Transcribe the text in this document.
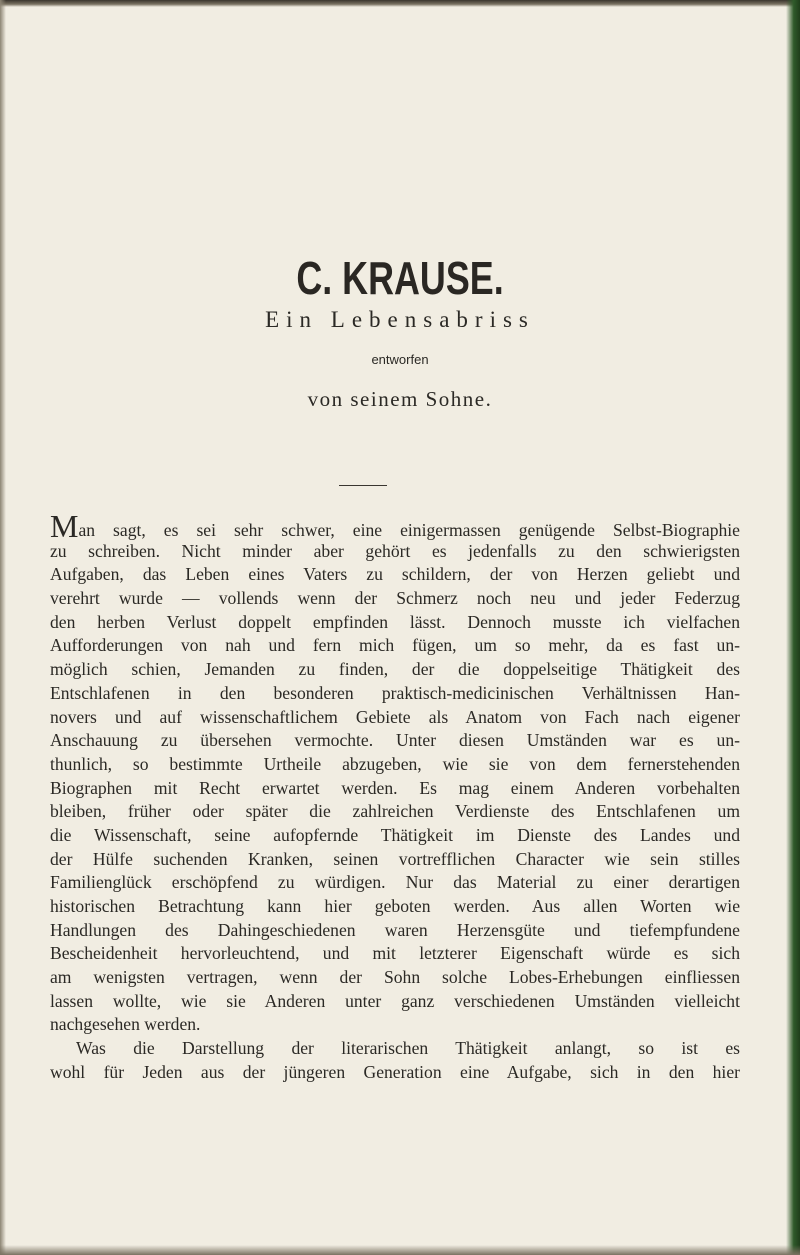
C. KRAUSE.
Ein Lebensabriss
entworfen
von seinem Sohne.
Man sagt, es sei sehr schwer, eine einigermassen genügende Selbst-Biographie
zu schreiben. Nicht minder aber gehört es jedenfalls zu den schwierigsten
Aufgaben, das Leben eines Vaters zu schildern, der von Herzen geliebt und
verehrt wurde — vollends wenn der Schmerz noch neu und jeder Federzug
den herben Verlust doppelt empfinden lässt. Dennoch musste ich vielfachen
Aufforderungen von nah und fern mich fügen, um so mehr, da es fast un-
möglich schien, Jemanden zu finden, der die doppelseitige Thätigkeit des
Entschlafenen in den besonderen praktisch-medicinischen Verhältnissen Han-
novers und auf wissenschaftlichem Gebiete als Anatom von Fach nach eigener
Anschauung zu übersehen vermochte. Unter diesen Umständen war es un-
thunlich, so bestimmte Urtheile abzugeben, wie sie von dem fernerstehenden
Biographen mit Recht erwartet werden. Es mag einem Anderen vorbehalten
bleiben, früher oder später die zahlreichen Verdienste des Entschlafenen um
die Wissenschaft, seine aufopfernde Thätigkeit im Dienste des Landes und
der Hülfe suchenden Kranken, seinen vortrefflichen Character wie sein stilles
Familienglück erschöpfend zu würdigen. Nur das Material zu einer derartigen
historischen Betrachtung kann hier geboten werden. Aus allen Worten wie
Handlungen des Dahingeschiedenen waren Herzensgüte und tiefempfundene
Bescheidenheit hervorleuchtend, und mit letzterer Eigenschaft würde es sich
am wenigsten vertragen, wenn der Sohn solche Lobes-Erhebungen einfliessen
lassen wollte, wie sie Anderen unter ganz verschiedenen Umständen vielleicht
nachgesehen werden.
Was die Darstellung der literarischen Thätigkeit anlangt, so ist es
wohl für Jeden aus der jüngeren Generation eine Aufgabe, sich in den hier
